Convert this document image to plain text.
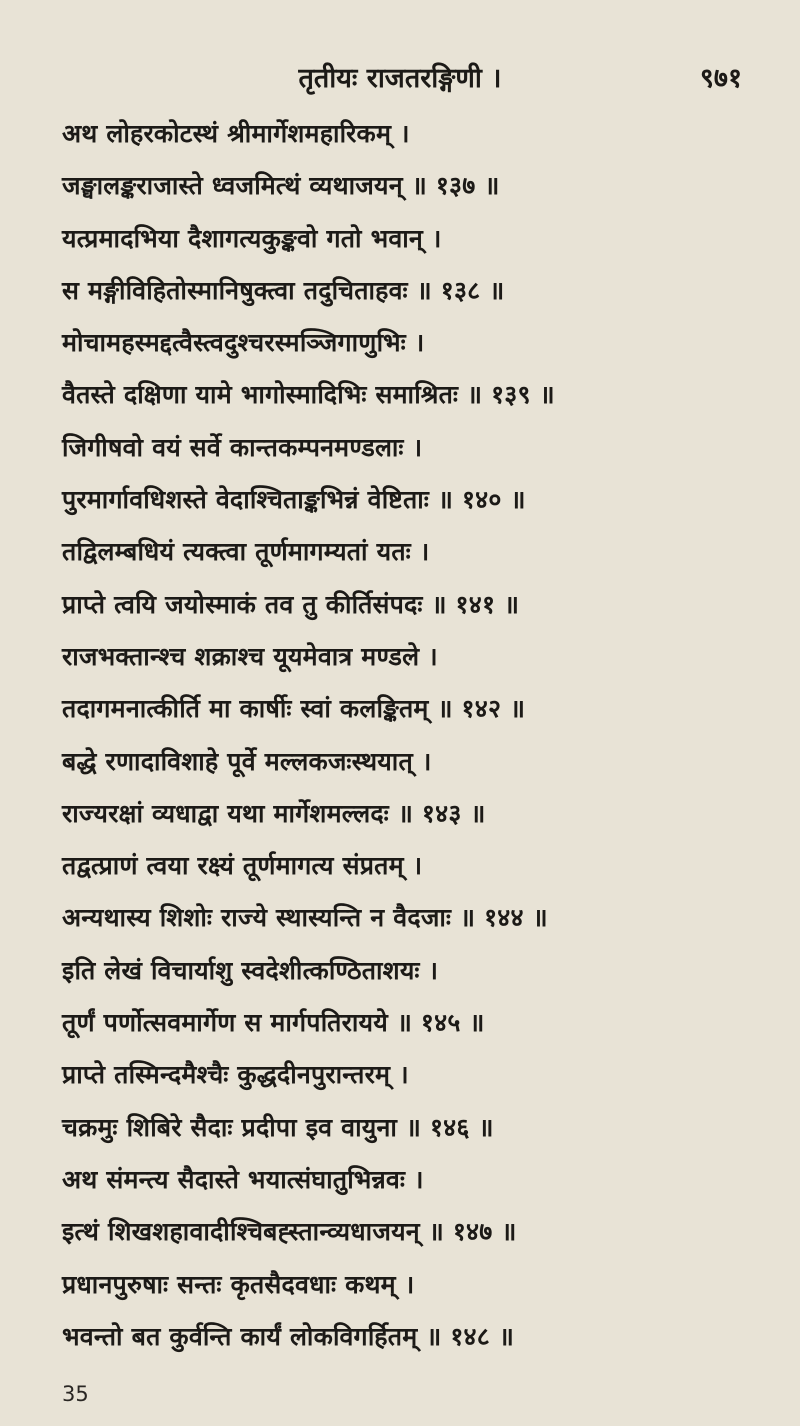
तृतीयः राजतरङ्गिणी ।	९७१
अथ लोहरकोटस्थं श्रीमार्गेशमहारिकम् ।
जङ्घालङ्कराजास्ते ध्वजमित्थं व्यथाजयन् ॥ १३७ ॥
यत्प्रमादभिया दैशागत्यकुङ्कवो गतो भवान् ।
स मङ्गीविहितोस्मानिषुक्त्वा तदुचिताहवः ॥ १३८ ॥
मोचामहस्मद्दत्वैस्त्वदुश्चरस्मञ्जिगाणुभिः ।
वैतस्ते दक्षिणा यामे भागोस्मादिभिः समाश्रितः ॥ १३९ ॥
जिगीषवो वयं सर्वे कान्तकम्पनमण्डलाः ।
पुरमार्गावधिशस्ते वेदाश्चिताङ्कभिन्नं वेष्टिताः ॥ १४० ॥
तद्विलम्बधियं त्यक्त्वा तूर्णमागम्यतां यतः ।
प्राप्ते त्वयि जयोस्माकं तव तु कीर्तिसंपदः ॥ १४१ ॥
राजभक्तान्श्च शक्राश्च यूयमेवात्र मण्डले ।
तदागमनात्कीर्ति मा कार्षीः स्वां कलङ्कितम् ॥ १४२ ॥
बद्धे रणादाविशाहे पूर्वे मल्लकजःस्थयात् ।
राज्यरक्षां व्यधाद्वा यथा मार्गेशमल्लदः ॥ १४३ ॥
तद्वत्प्राणं त्वया रक्ष्यं तूर्णमागत्य संप्रतम् ।
अन्यथास्य शिशोः राज्ये स्थास्यन्ति न वैदजाः ॥ १४४ ॥
इति लेखं विचार्याशु स्वदेशीत्कण्ठिताशयः ।
तूर्णं पर्णोत्सवमार्गेण स मार्गपतिरायये ॥ १४५ ॥
प्राप्ते तस्मिन्दमैश्चैः कुद्धदीनपुरान्तरम् ।
चक्रमुः शिबिरे सैदाः प्रदीपा इव वायुना ॥ १४६ ॥
अथ संमन्त्य सैदास्ते भयात्संघातुभिन्नवः ।
इत्थं शिखशहावादीश्चिबह्स्तान्व्यधाजयन् ॥ १४७ ॥
प्रधानपुरुषाः सन्तः कृतसैदवधाः कथम् ।
भवन्तो बत कुर्वन्ति कार्यं लोकविगर्हितम् ॥ १४८ ॥
35
